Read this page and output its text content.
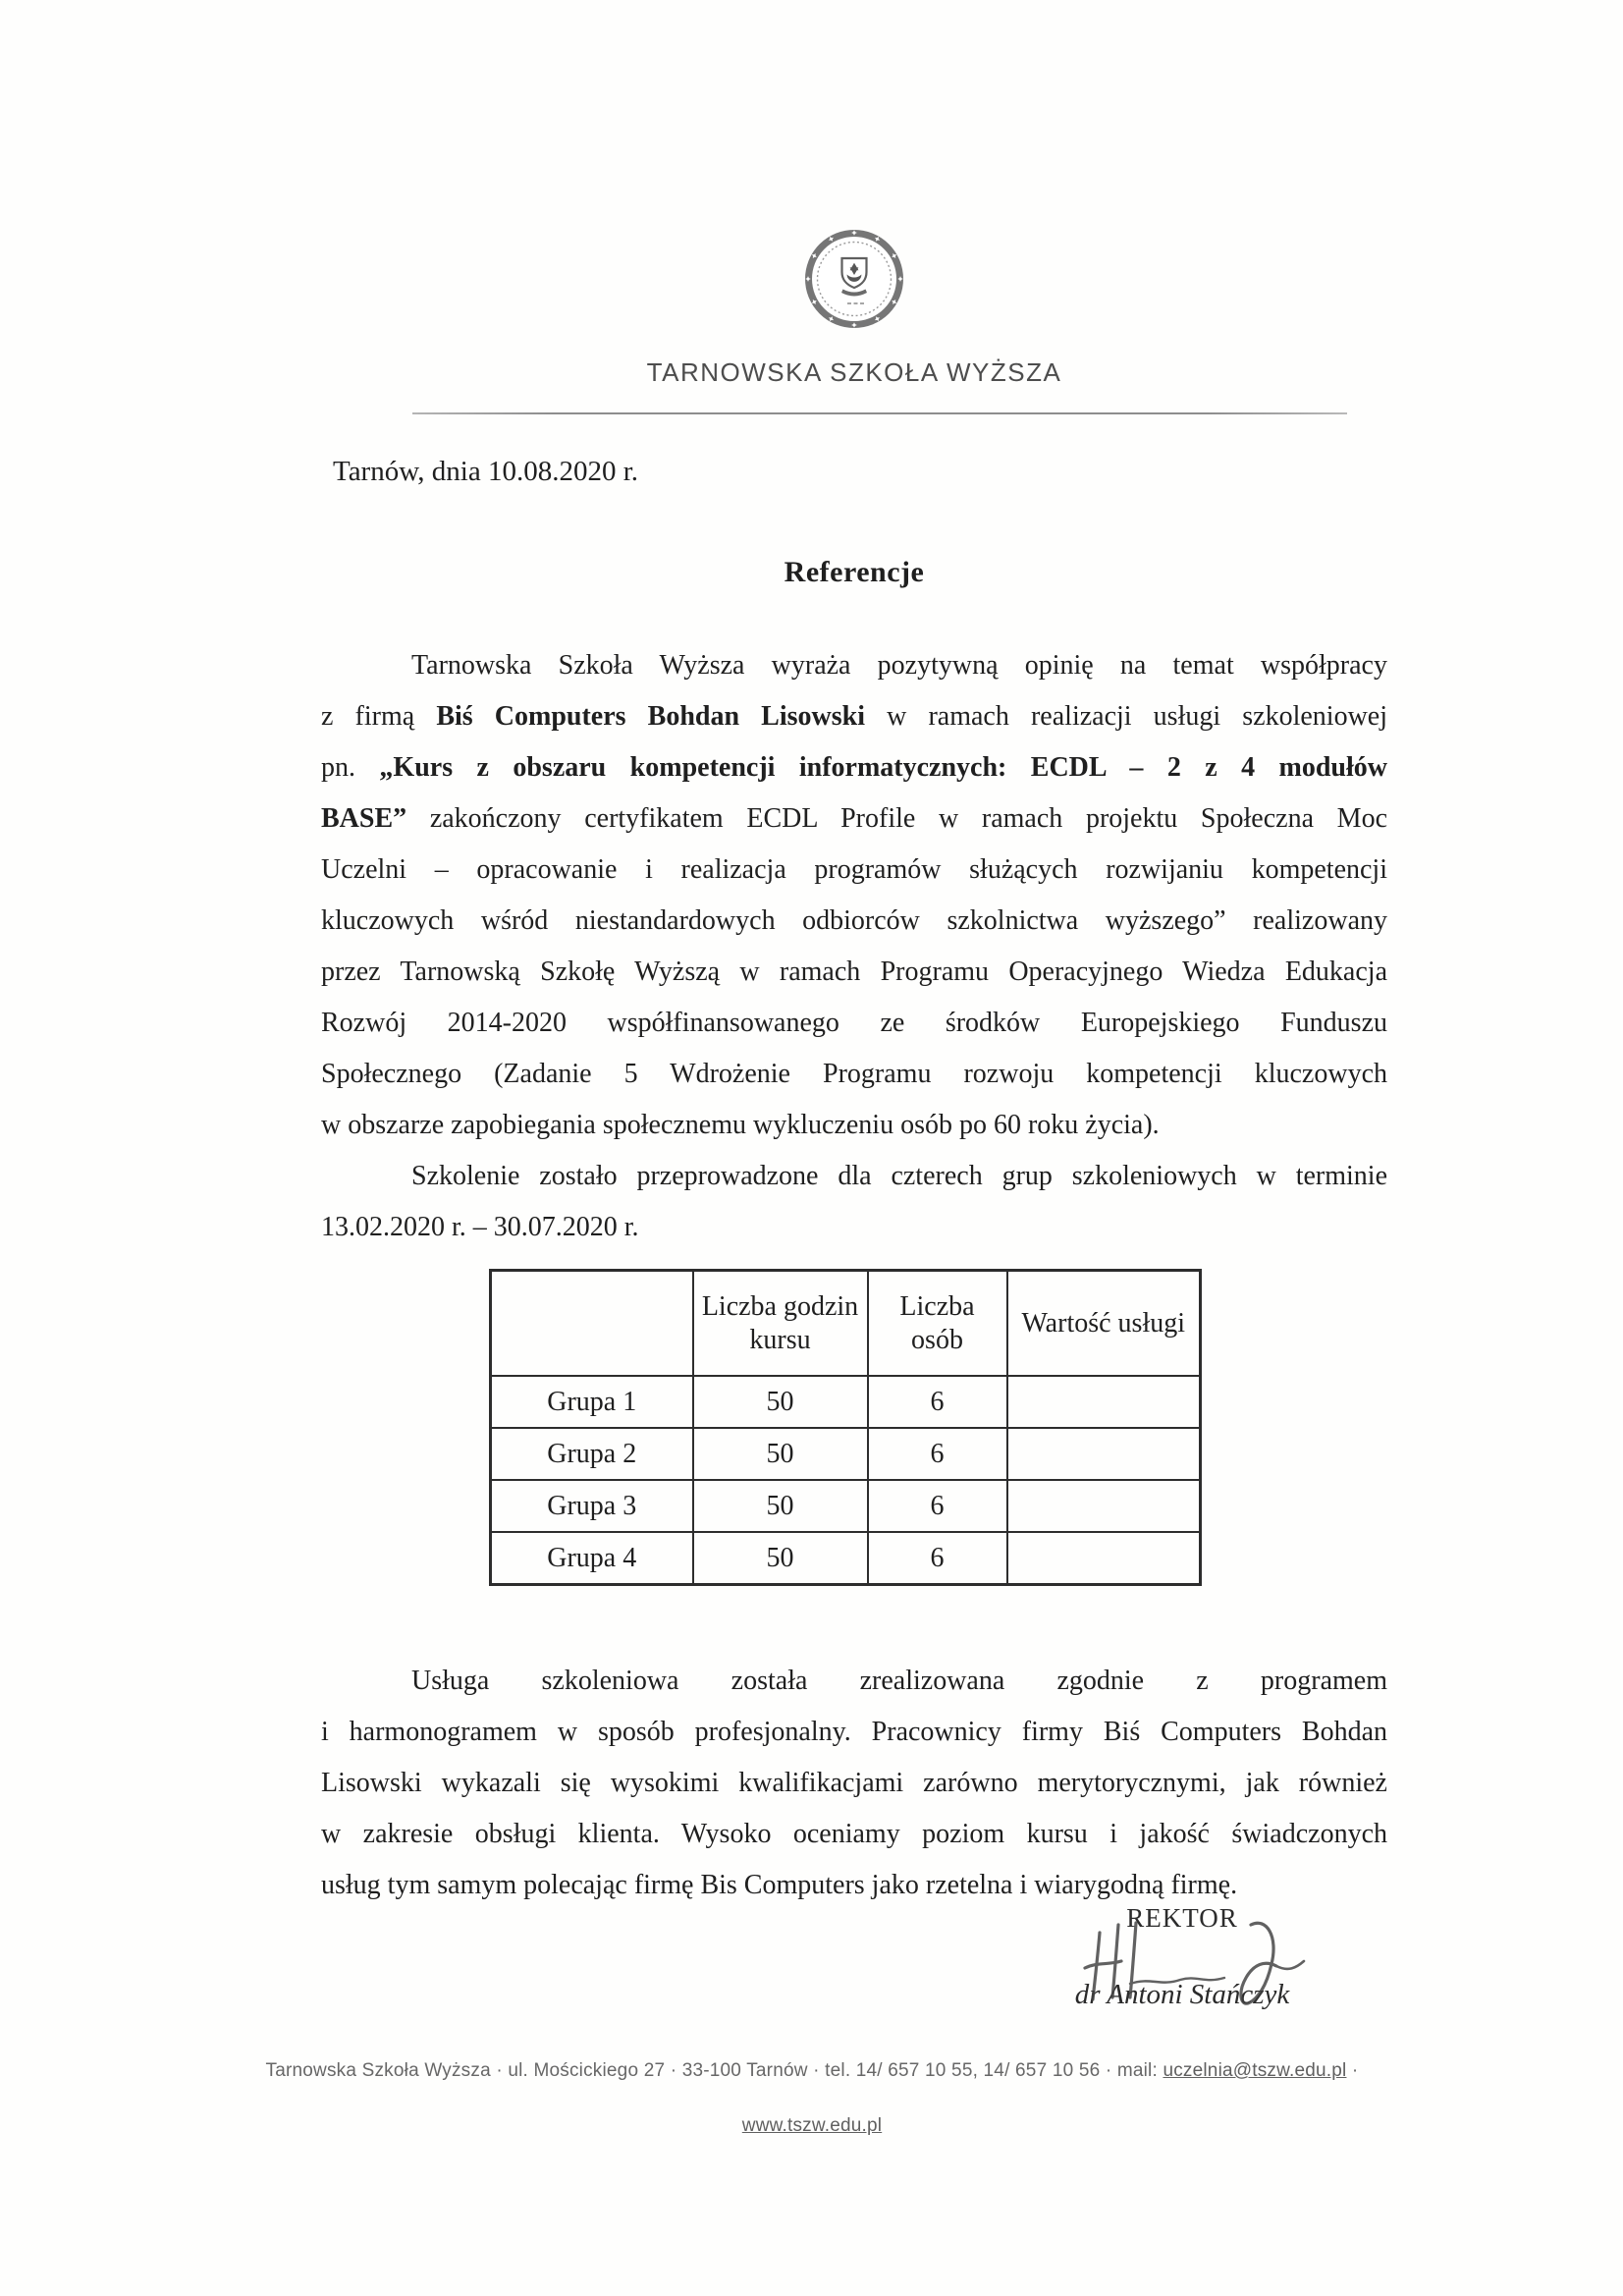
TARNOWSKA SZKOŁA WYŻSZA
Tarnów, dnia 10.08.2020 r.
Referencje
Tarnowska Szkoła Wyższa wyraża pozytywną opinię na temat współpracy
z firmą Biś Computers Bohdan Lisowski w ramach realizacji usługi szkoleniowej
pn. „Kurs z obszaru kompetencji informatycznych: ECDL – 2 z 4 modułów
BASE” zakończony certyfikatem ECDL Profile w ramach projektu Społeczna Moc
Uczelni – opracowanie i realizacja programów służących rozwijaniu kompetencji
kluczowych wśród niestandardowych odbiorców szkolnictwa wyższego” realizowany
przez Tarnowską Szkołę Wyższą w ramach Programu Operacyjnego Wiedza Edukacja
Rozwój 2014-2020 współfinansowanego ze środków Europejskiego Funduszu
Społecznego (Zadanie 5 Wdrożenie Programu rozwoju kompetencji kluczowych
w obszarze zapobiegania społecznemu wykluczeniu osób po 60 roku życia).
Szkolenie zostało przeprowadzone dla czterech grup szkoleniowych w terminie
13.02.2020 r. – 30.07.2020 r.
	Liczba godzin kursu	Liczba osób	Wartość usługi
Grupa 1	50	6	
Grupa 2	50	6	
Grupa 3	50	6	
Grupa 4	50	6	
Usługa szkoleniowa została zrealizowana zgodnie z programem
i harmonogramem w sposób profesjonalny. Pracownicy firmy Biś Computers Bohdan
Lisowski wykazali się wysokimi kwalifikacjami zarówno merytorycznymi, jak również
w zakresie obsługi klienta. Wysoko oceniamy poziom kursu i jakość świadczonych
usług tym samym polecając firmę Bis Computers jako rzetelna i wiarygodną firmę.
REKTOR
dr Antoni Stańczyk
Tarnowska Szkoła Wyższa · ul. Mościckiego 27 · 33-100 Tarnów · tel. 14/ 657 10 55, 14/ 657 10 56 · mail: uczelnia@tszw.edu.pl ·
www.tszw.edu.pl
